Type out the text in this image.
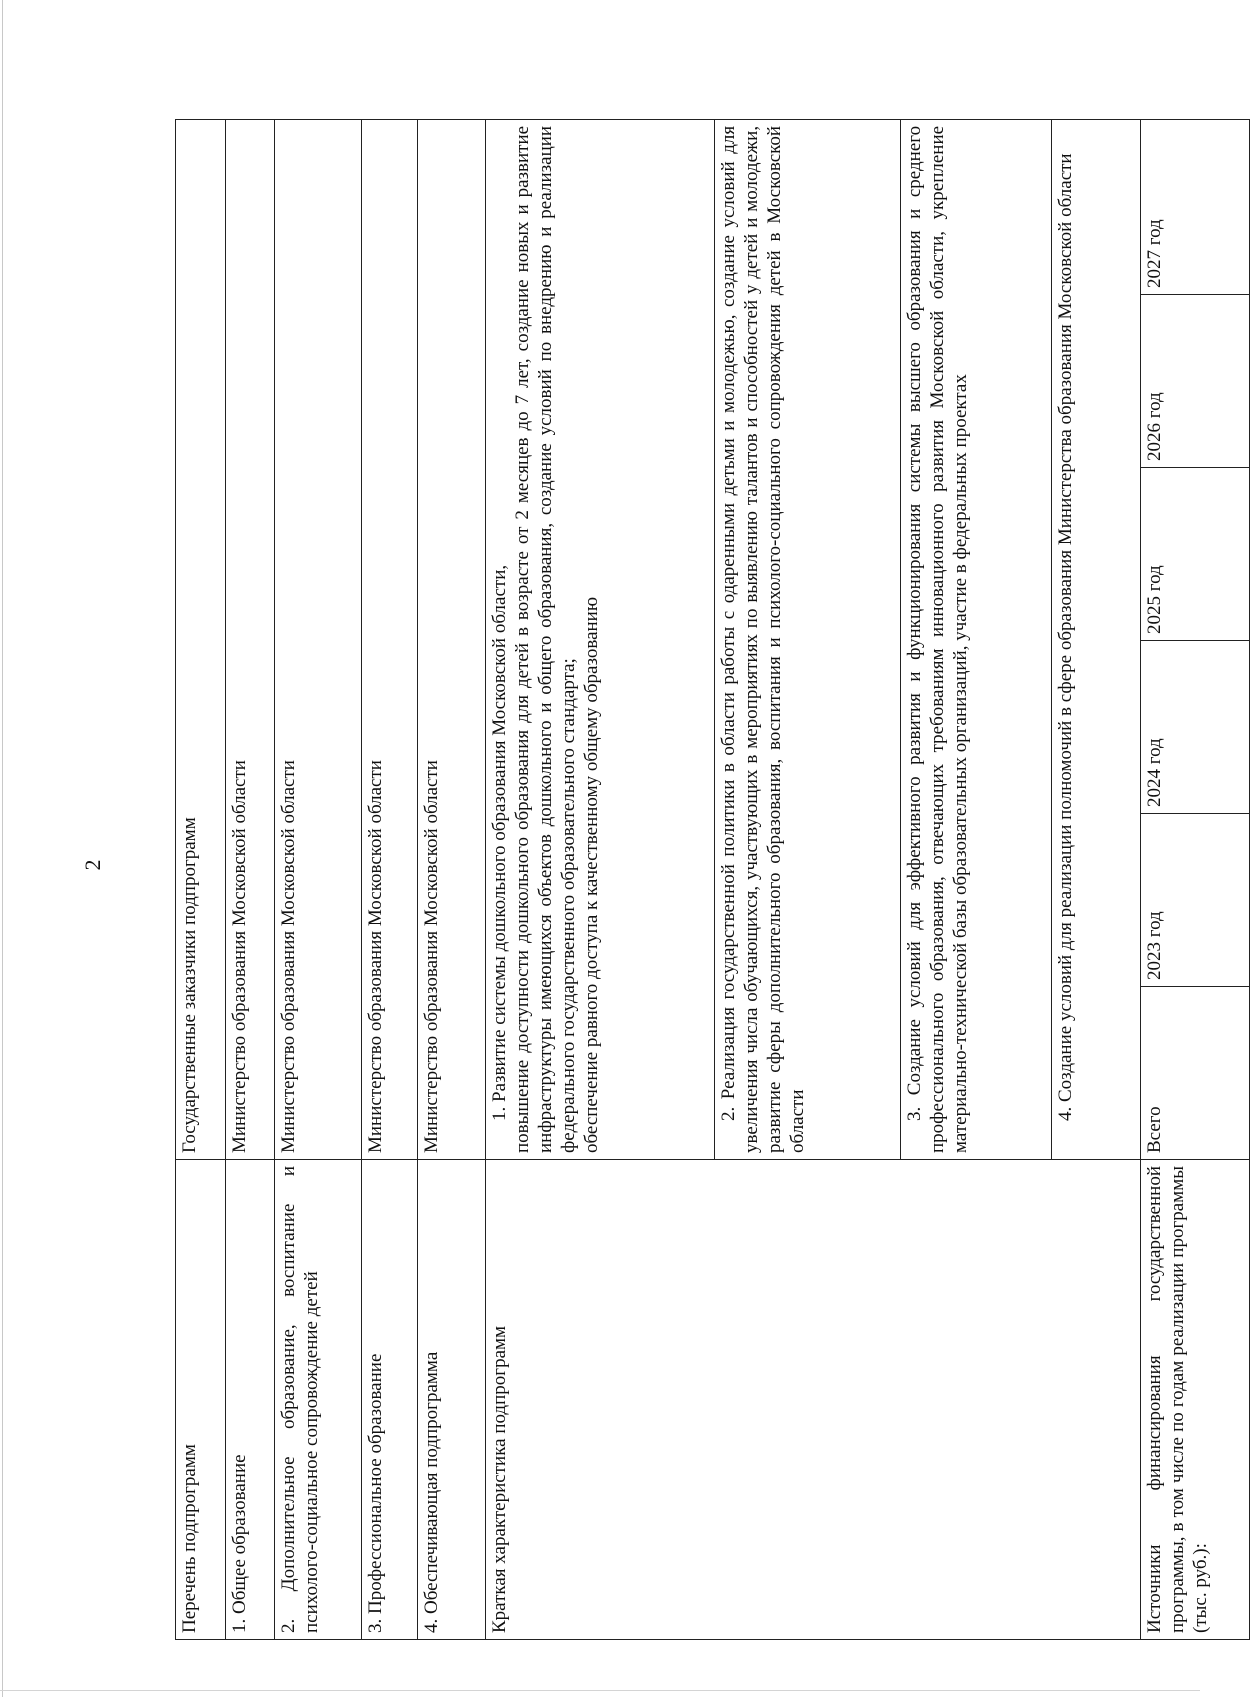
2
Перечень подпрограмм	Государственные заказчики подпрограмм					
1. Общее образование	Министерство образования Московской области					
2. Дополнительное образование, воспитание и психолого-социальное сопровождение детей	Министерство образования Московской области					
3. Профессиональное образование	Министерство образования Московской области					
4. Обеспечивающая подпрограмма	Министерство образования Московской области					
Краткая характеристика подпрограмм	1. Развитие системы дошкольного образования Московской области, повышение доступности дошкольного образования для детей в возрасте от 2 месяцев до 7 лет, создание новых и развитие инфраструктуры имеющихся объектов дошкольного и общего образования, создание условий по внедрению и реализации федерального государственного образовательного стандарта; обеспечение равного доступа к качественному общему образованию					

	2. Реализация государственной политики в области работы с одаренными детьми и молодежью, создание условий для увеличения числа обучающихся, участвующих в мероприятиях по выявлению талантов и способностей у детей и молодежи, развитие сферы дополнительного образования, воспитания и психолого-социального сопровождения детей в Московской области					

	3. Создание условий для эффективного развития и функционирования системы высшего образования и среднего профессионального образования, отвечающих требованиям инновационного развития Московской области, укрепление материально-технической базы образовательных организаций, участие в федеральных проектах					

	4. Создание условий для реализации полномочий в сфере образования Министерства образования Московской области					

Источники финансирования государственной программы, в том числе по годам реализации программы (тыс. руб.):	Всего	2023 год	2024 год	2025 год	2026 год	2027 год
